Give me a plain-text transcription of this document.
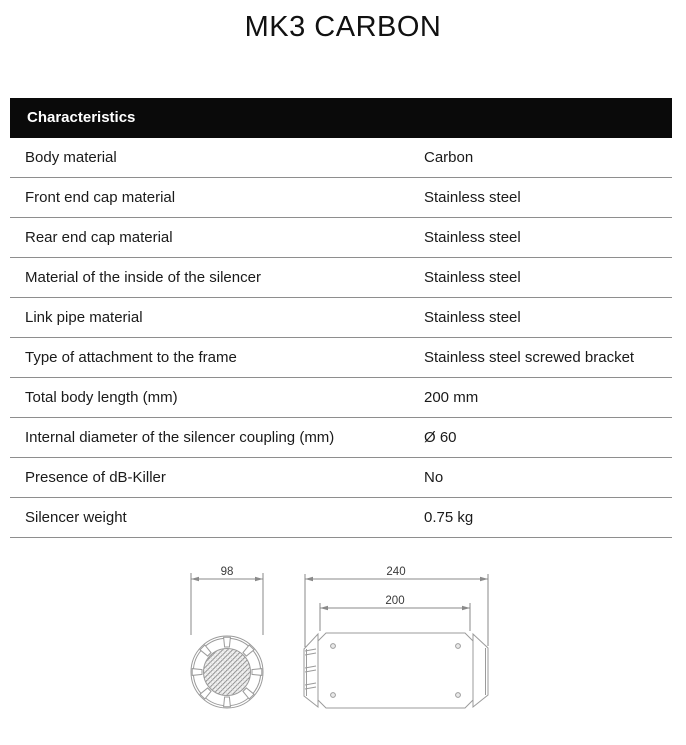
MK3 CARBON
Characteristics
Body material	Carbon
Front end cap material	Stainless steel
Rear end cap material	Stainless steel
Material of the inside of the silencer	Stainless steel
Link pipe material	Stainless steel
Type of attachment to the frame	Stainless steel screwed bracket
Total body length (mm)	200 mm
Internal diameter of the silencer coupling (mm)	Ø 60
Presence of dB-Killer	No
Silencer weight	0.75 kg
98	240
200
